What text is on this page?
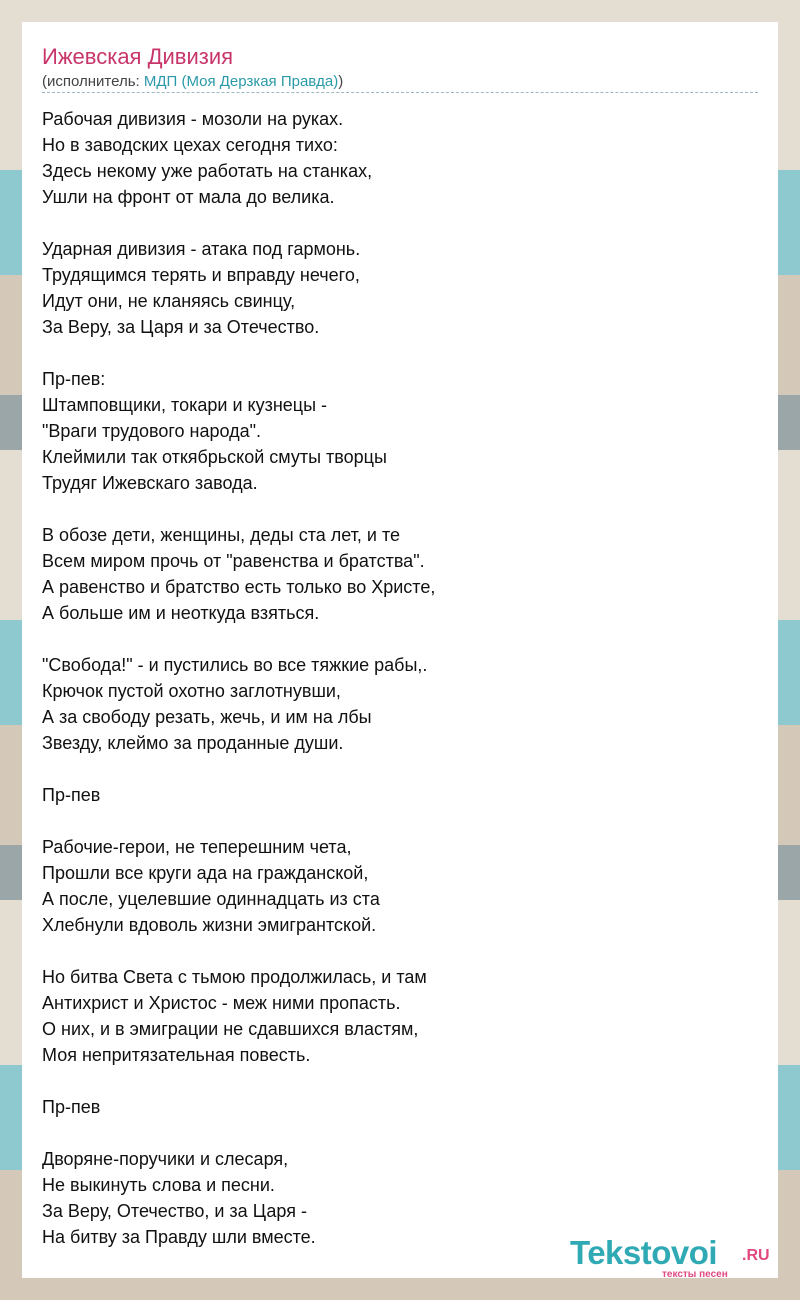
Ижевская Дивизия
(исполнитель: МДП (Моя Дерзкая Правда))
Рабочая дивизия - мозоли на руках.
Но в заводских цехах сегодня тихо:
Здесь некому уже работать на станках,
Ушли на фронт от мала до велика.
Ударная дивизия - атака под гармонь.
Трудящимся терять и вправду нечего,
Идут они, не кланяясь свинцу,
За Веру, за Царя и за Отечество.
Пр-пев:
Штамповщики, токари и кузнецы -
"Враги трудового народа".
Клеймили так откябрьской смуты творцы
Трудяг Ижевскаго завода.
В обозе дети, женщины, деды ста лет, и те
Всем миром прочь от "равенства и братства".
А равенство и братство есть только во Христе,
А больше им и неоткуда взяться.
"Свобода!" - и пустились во все тяжкие рабы,.
Крючок пустой охотно заглотнувши,
А за свободу резать, жечь, и им на лбы
Звезду, клеймо за проданные души.
Пр-пев
Рабочие-герои, не теперешним чета,
Прошли все круги ада на гражданской,
А после, уцелевшие одиннадцать из ста
Хлебнули вдоволь жизни эмигрантской.
Но битва Света с тьмою продолжилась, и там
Антихрист и Христос - меж ними пропасть.
О них, и в эмиграции не сдавшихся властям,
Моя непритязательная повесть.
Пр-пев
Дворяне-поручики и слесаря,
Не выкинуть слова и песни.
За Веру, Отечество, и за Царя -
На битву за Правду шли вместе.	Tekstovoi .RU
тексты песен
